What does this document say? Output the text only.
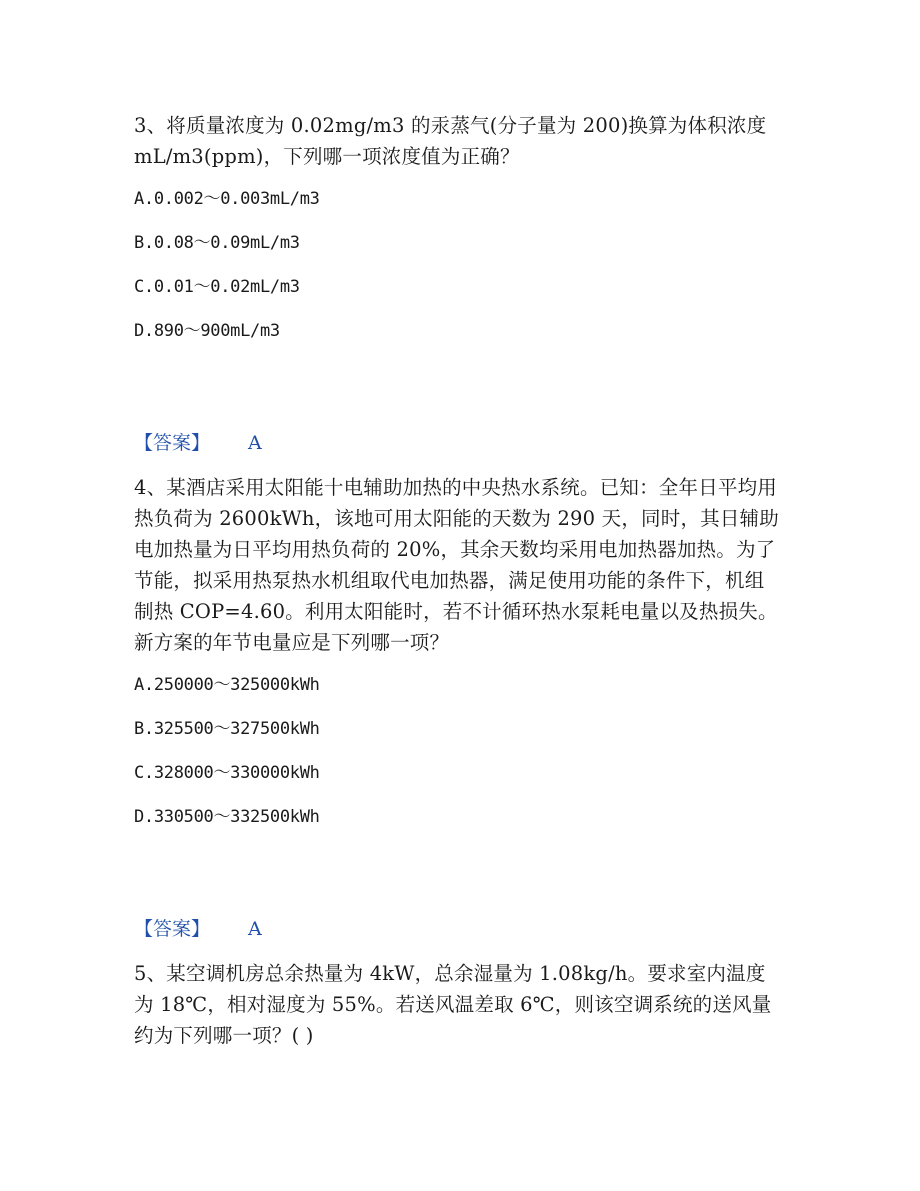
3、将质量浓度为 0.02mg/m3 的汞蒸气(分子量为 200)换算为体积浓度mL/m3(ppm)，下列哪一项浓度值为正确？
A.0.002～0.003mL/m3
B.0.08～0.09mL/m3
C.0.01～0.02mL/m3
D.890～900mL/m3
【答案】 A
4、某酒店采用太阳能十电辅助加热的中央热水系统。已知：全年日平均用热负荷为 2600kWh，该地可用太阳能的天数为 290 天，同时，其日辅助电加热量为日平均用热负荷的 20%，其余天数均采用电加热器加热。为了节能，拟采用热泵热水机组取代电加热器，满足使用功能的条件下，机组制热 COP=4.60。利用太阳能时，若不计循环热水泵耗电量以及热损失。新方案的年节电量应是下列哪一项？
A.250000～325000kWh
B.325500～327500kWh
C.328000～330000kWh
D.330500～332500kWh
【答案】 A
5、某空调机房总余热量为 4kW，总余湿量为 1.08kg/h。要求室内温度为 18℃，相对湿度为 55%。若送风温差取 6℃，则该空调系统的送风量约为下列哪一项？( )
